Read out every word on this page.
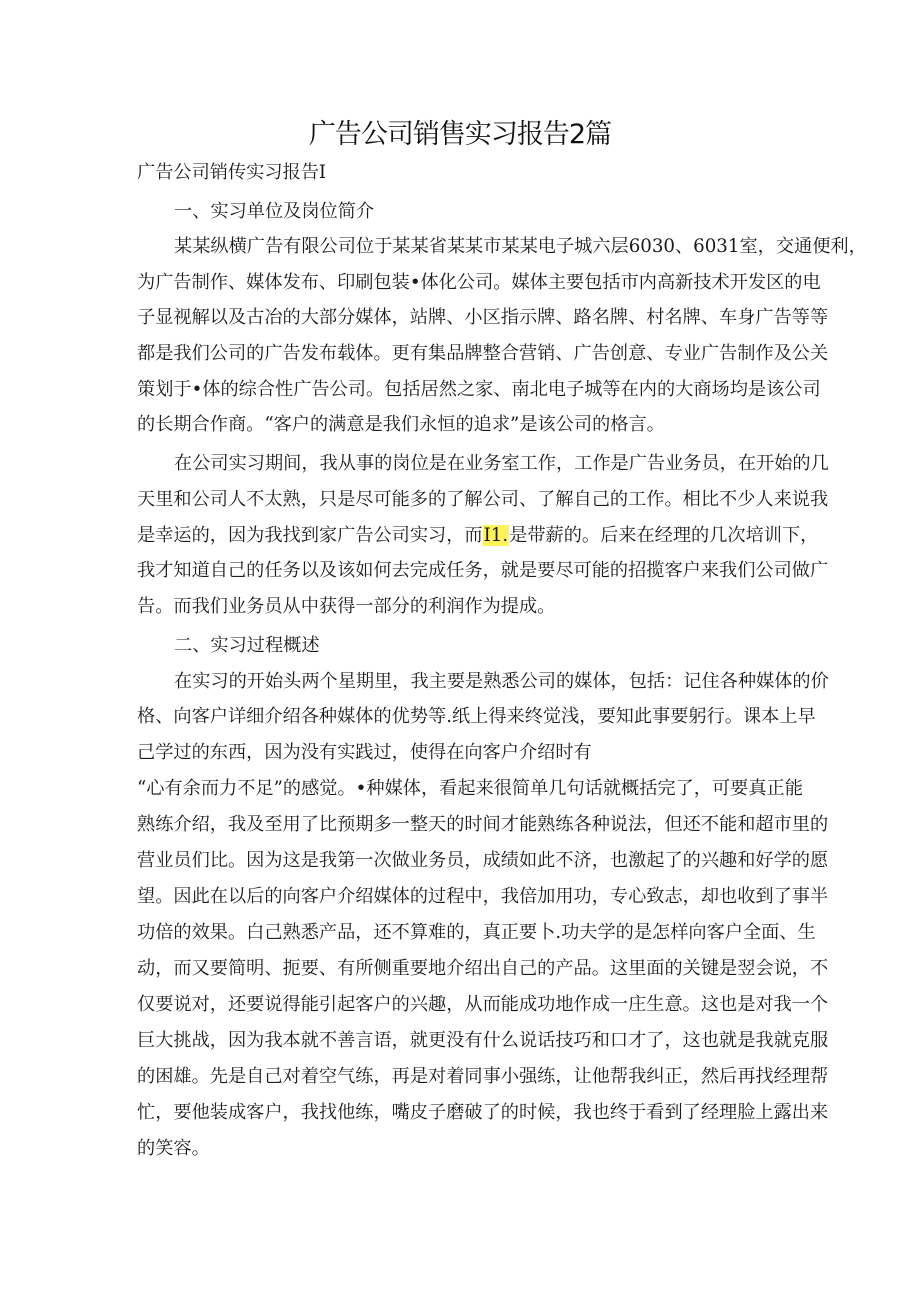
广告公司销售实习报告2篇
广告公司销传实习报告I
一、实习单位及岗位简介
某某纵横广告有限公司位于某某省某某市某某电子城六层6030、6031室，交通便利，
为广告制作、媒体发布、印刷包装•体化公司。媒体主要包括市内高新技术开发区的电
子显视解以及古冶的大部分媒体，站牌、小区指示牌、路名牌、村名牌、车身广告等等
都是我们公司的广告发布载体。更有集品牌整合营销、广告创意、专业广告制作及公关
策划于•体的综合性广告公司。包括居然之家、南北电子城等在内的大商场均是该公司
的长期合作商。“客户的满意是我们永恒的追求”是该公司的格言。
在公司实习期间，我从事的岗位是在业务室工作，工作是广告业务员，在开始的几
天里和公司人不太熟，只是尽可能多的了解公司、了解自己的工作。相比不少人来说我
是幸运的，因为我找到家广告公司实习，而I1.是带薪的。后来在经理的几次培训下，
我才知道自己的任务以及该如何去完成任务，就是要尽可能的招揽客户来我们公司做广
告。而我们业务员从中获得一部分的利润作为提成。
二、实习过程概述
在实习的开始头两个星期里，我主要是熟悉公司的媒体，包括：记住各种媒体的价
格、向客户详细介绍各种媒体的优势等.纸上得来终觉浅，要知此事要躬行。课本上早
己学过的东西，因为没有实践过，使得在向客户介绍时有
“心有余而力不足”的感觉。•种媒体，看起来很简单几句话就概括完了，可要真正能
熟练介绍，我及至用了比预期多一整天的时间才能熟练各种说法，但还不能和超市里的
营业员们比。因为这是我第一次做业务员，成绩如此不济，也激起了的兴趣和好学的愿
望。因此在以后的向客户介绍媒体的过程中，我倍加用功，专心致志，却也收到了事半
功倍的效果。白己熟悉产品，还不算难的，真正要卜.功夫学的是怎样向客户全面、生
动，而又要简明、扼要、有所侧重要地介绍出自己的产品。这里面的关键是翌会说，不
仅要说对，还要说得能引起客户的兴趣，从而能成功地作成一庄生意。这也是对我一个
巨大挑战，因为我本就不善言语，就更没有什么说话技巧和口才了，这也就是我就克服
的困雄。先是自己对着空气练，再是对着同事小强练，让他帮我纠正，然后再找经理帮
忙，要他装成客户，我找他练，嘴皮子磨破了的时候，我也终于看到了经理脸上露出来
的笑容。
